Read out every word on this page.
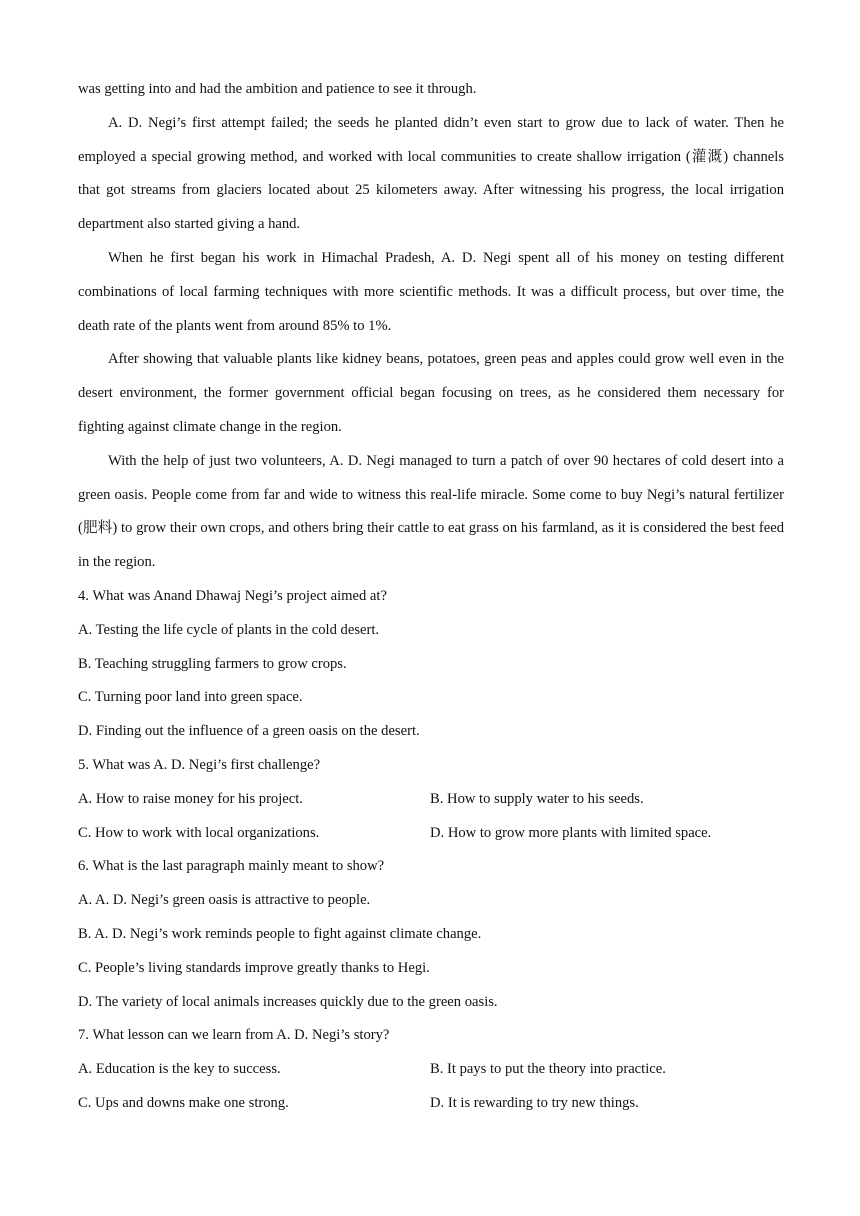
was getting into and had the ambition and patience to see it through.

A. D. Negi’s first attempt failed; the seeds he planted didn’t even start to grow due to lack of water. Then he employed a special growing method, and worked with local communities to create shallow irrigation (灌溉) channels that got streams from glaciers located about 25 kilometers away. After witnessing his progress, the local irrigation department also started giving a hand.

When he first began his work in Himachal Pradesh, A. D. Negi spent all of his money on testing different combinations of local farming techniques with more scientific methods. It was a difficult process, but over time, the death rate of the plants went from around 85% to 1%.

After showing that valuable plants like kidney beans, potatoes, green peas and apples could grow well even in the desert environment, the former government official began focusing on trees, as he considered them necessary for fighting against climate change in the region.

With the help of just two volunteers, A. D. Negi managed to turn a patch of over 90 hectares of cold desert into a green oasis. People come from far and wide to witness this real-life miracle. Some come to buy Negi’s natural fertilizer (肥料) to grow their own crops, and others bring their cattle to eat grass on his farmland, as it is considered the best feed in the region.

4. What was Anand Dhawaj Negi’s project aimed at?

A. Testing the life cycle of plants in the cold desert.

B. Teaching struggling farmers to grow crops.

C. Turning poor land into green space.

D. Finding out the influence of a green oasis on the desert.

5. What was A. D. Negi’s first challenge?

A. How to raise money for his project.	B. How to supply water to his seeds.
C. How to work with local organizations.	D. How to grow more plants with limited space.

6. What is the last paragraph mainly meant to show?

A. A. D. Negi’s green oasis is attractive to people.

B. A. D. Negi’s work reminds people to fight against climate change.

C. People’s living standards improve greatly thanks to Hegi.

D. The variety of local animals increases quickly due to the green oasis.

7. What lesson can we learn from A. D. Negi’s story?

A. Education is the key to success.	B. It pays to put the theory into practice.
C. Ups and downs make one strong.	D. It is rewarding to try new things.
